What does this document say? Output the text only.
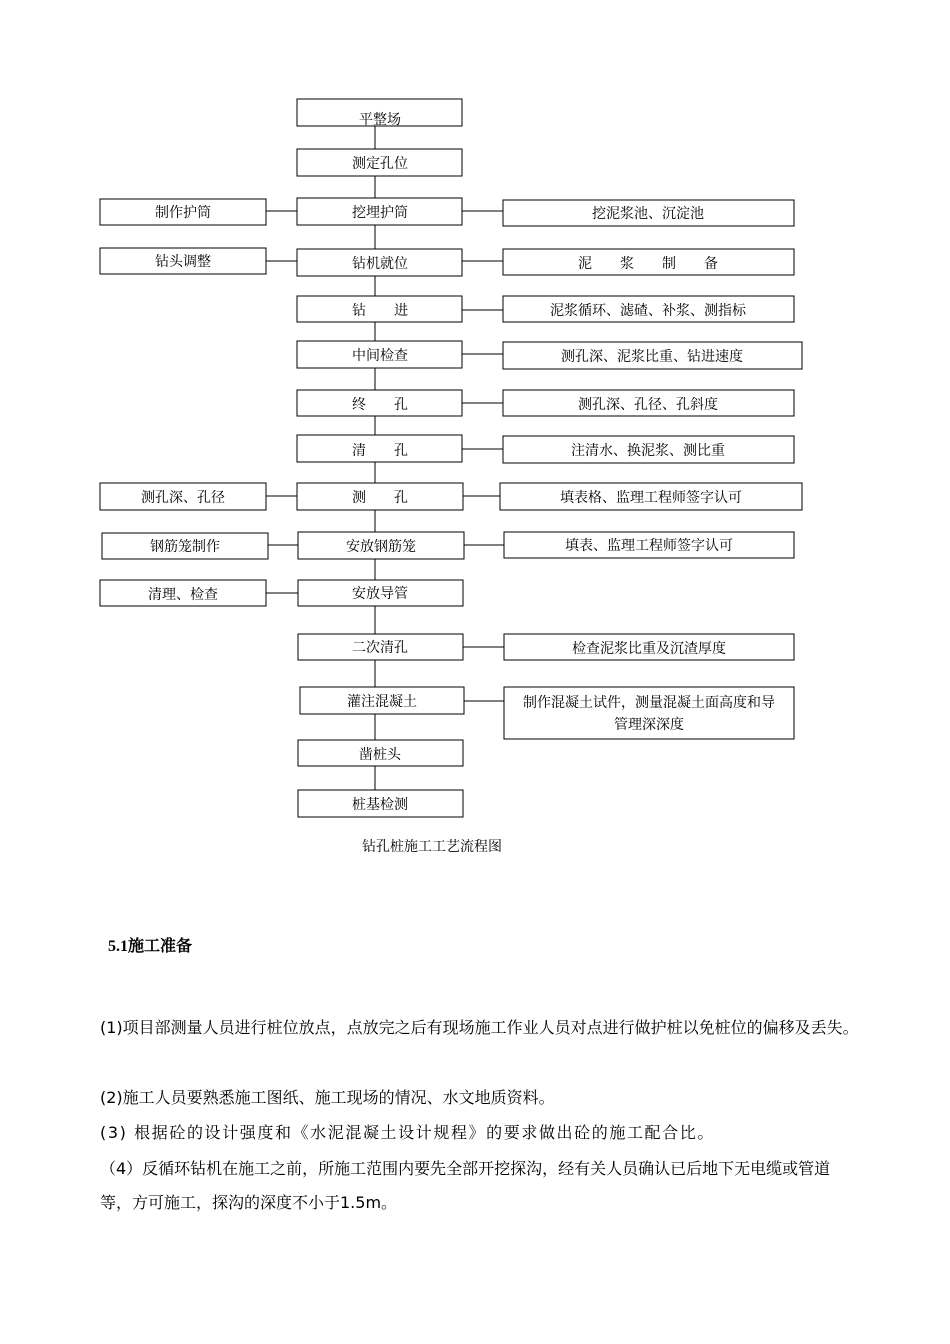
平整场
测定孔位
挖埋护筒
钻机就位
钻　　进
中间检查
终　　孔
清　　孔
测　　孔
安放钢筋笼
安放导管
二次清孔
灌注混凝土
凿桩头
桩基检测
制作护筒
钻头调整
测孔深、孔径
钢筋笼制作
清理、检查
挖泥浆池、沉淀池
泥　　浆　　制　　备
泥浆循环、滤碴、补浆、测指标
测孔深、泥浆比重、钻进速度
测孔深、孔径、孔斜度
注清水、换泥浆、测比重
填表格、监理工程师签字认可
填表、监理工程师签字认可
检查泥浆比重及沉渣厚度
制作混凝土试件，测量混凝土面高度和导
管理深深度
钻孔桩施工工艺流程图
5.1施工准备
(1)项目部测量人员进行桩位放点，点放完之后有现场施工作业人员对点进行做护桩以免桩位的偏移及丢失。
(2)施工人员要熟悉施工图纸、施工现场的情况、水文地质资料。
(3) 根据砼的设计强度和《水泥混凝土设计规程》的要求做出砼的施工配合比。
（4）反循环钻机在施工之前，所施工范围内要先全部开挖探沟，经有关人员确认已后地下无电缆或管道等，方可施工，探沟的深度不小于1.5m。
